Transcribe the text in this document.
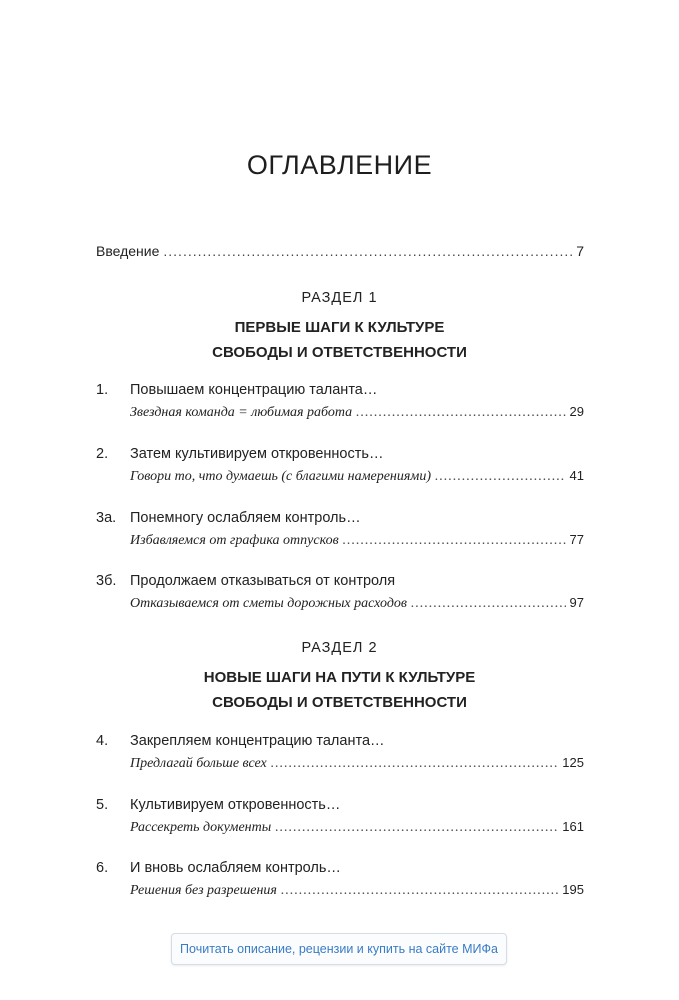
ОГЛАВЛЕНИЕ
Введение .....	7
РАЗДЕЛ 1
ПЕРВЫЕ ШАГИ К КУЛЬТУРЕ
СВОБОДЫ И ОТВЕТСТВЕННОСТИ
1.	Повышаем концентрацию таланта…
Звездная команда = любимая работа .....	29
2.	Затем культивируем откровенность…
Говори то, что думаешь (с благими намерениями) .....	41
3а. Понемногу ослабляем контроль…
Избавляемся от графика отпусков .....	77
3б. Продолжаем отказываться от контроля
Отказываемся от сметы дорожных расходов .....	97
РАЗДЕЛ 2
НОВЫЕ ШАГИ НА ПУТИ К КУЛЬТУРЕ
СВОБОДЫ И ОТВЕТСТВЕННОСТИ
4.	Закрепляем концентрацию таланта…
Предлагай больше всех .....	125
5.	Культивируем откровенность…
Рассекреть документы .....	161
6.	И вновь ослабляем контроль…
Решения без разрешения .....	195
Почитать описание, рецензии и купить на сайте МИФа
